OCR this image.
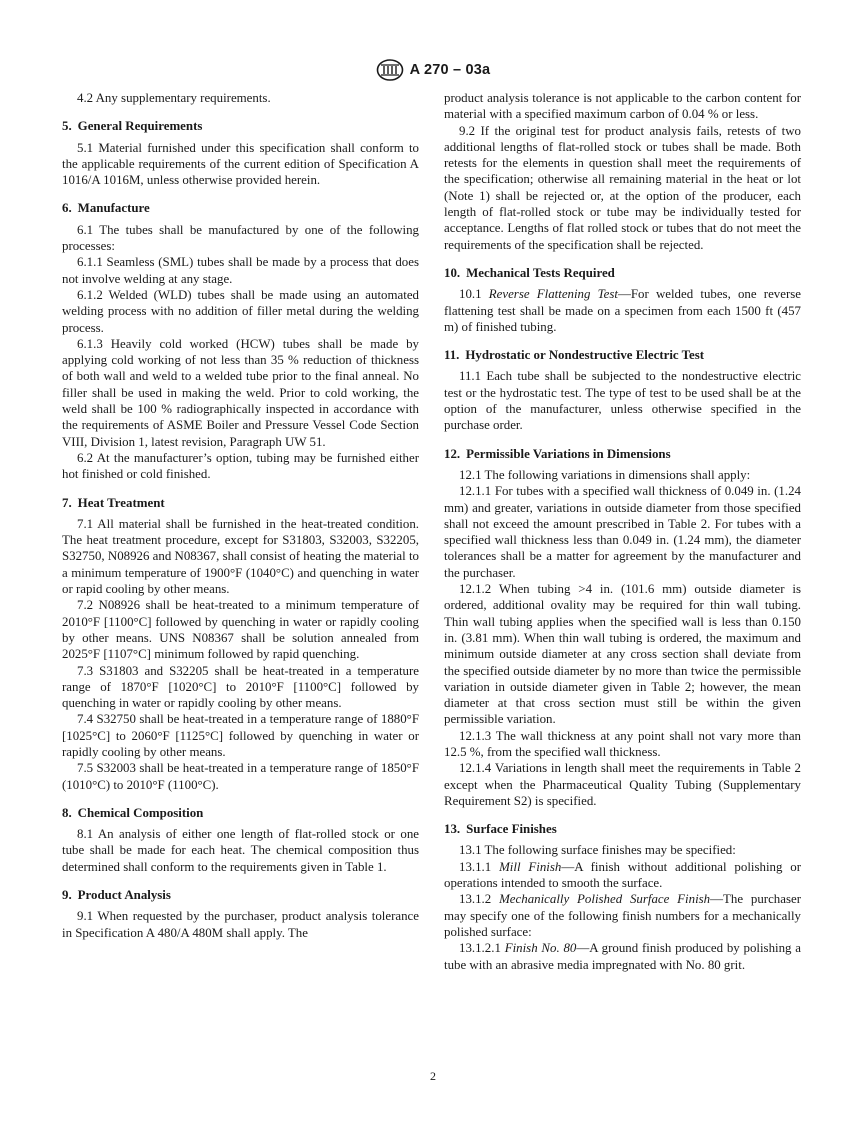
A 270 – 03a

4.2 Any supplementary requirements.

5. General Requirements

5.1 Material furnished under this specification shall conform to the applicable requirements of the current edition of Specification A 1016/A 1016M, unless otherwise provided herein.

6. Manufacture

6.1 The tubes shall be manufactured by one of the following processes:

6.1.1 Seamless (SML) tubes shall be made by a process that does not involve welding at any stage.

6.1.2 Welded (WLD) tubes shall be made using an automated welding process with no addition of filler metal during the welding process.

6.1.3 Heavily cold worked (HCW) tubes shall be made by applying cold working of not less than 35 % reduction of thickness of both wall and weld to a welded tube prior to the final anneal. No filler shall be used in making the weld. Prior to cold working, the weld shall be 100 % radiographically inspected in accordance with the requirements of ASME Boiler and Pressure Vessel Code Section VIII, Division 1, latest revision, Paragraph UW 51.

6.2 At the manufacturer’s option, tubing may be furnished either hot finished or cold finished.

7. Heat Treatment

7.1 All material shall be furnished in the heat-treated condition. The heat treatment procedure, except for S31803, S32003, S32205, S32750, N08926 and N08367, shall consist of heating the material to a minimum temperature of 1900°F (1040°C) and quenching in water or rapid cooling by other means.

7.2 N08926 shall be heat-treated to a minimum temperature of 2010°F [1100°C] followed by quenching in water or rapidly cooling by other means. UNS N08367 shall be solution annealed from 2025°F [1107°C] minimum followed by rapid quenching.

7.3 S31803 and S32205 shall be heat-treated in a temperature range of 1870°F [1020°C] to 2010°F [1100°C] followed by quenching in water or rapidly cooling by other means.

7.4 S32750 shall be heat-treated in a temperature range of 1880°F [1025°C] to 2060°F [1125°C] followed by quenching in water or rapidly cooling by other means.

7.5 S32003 shall be heat-treated in a temperature range of 1850°F (1010°C) to 2010°F (1100°C).

8. Chemical Composition

8.1 An analysis of either one length of flat-rolled stock or one tube shall be made for each heat. The chemical composition thus determined shall conform to the requirements given in Table 1.

9. Product Analysis

9.1 When requested by the purchaser, product analysis tolerance in Specification A 480/A 480M shall apply. The

product analysis tolerance is not applicable to the carbon content for material with a specified maximum carbon of 0.04 % or less.

9.2 If the original test for product analysis fails, retests of two additional lengths of flat-rolled stock or tubes shall be made. Both retests for the elements in question shall meet the requirements of the specification; otherwise all remaining material in the heat or lot (Note 1) shall be rejected or, at the option of the producer, each length of flat-rolled stock or tube may be individually tested for acceptance. Lengths of flat rolled stock or tubes that do not meet the requirements of the specification shall be rejected.

10. Mechanical Tests Required

10.1 Reverse Flattening Test—For welded tubes, one reverse flattening test shall be made on a specimen from each 1500 ft (457 m) of finished tubing.

11. Hydrostatic or Nondestructive Electric Test

11.1 Each tube shall be subjected to the nondestructive electric test or the hydrostatic test. The type of test to be used shall be at the option of the manufacturer, unless otherwise specified in the purchase order.

12. Permissible Variations in Dimensions

12.1 The following variations in dimensions shall apply:

12.1.1 For tubes with a specified wall thickness of 0.049 in. (1.24 mm) and greater, variations in outside diameter from those specified shall not exceed the amount prescribed in Table 2. For tubes with a specified wall thickness less than 0.049 in. (1.24 mm), the diameter tolerances shall be a matter for agreement by the manufacturer and the purchaser.

12.1.2 When tubing >4 in. (101.6 mm) outside diameter is ordered, additional ovality may be required for thin wall tubing. Thin wall tubing applies when the specified wall is less than 0.150 in. (3.81 mm). When thin wall tubing is ordered, the maximum and minimum outside diameter at any cross section shall deviate from the specified outside diameter by no more than twice the permissible variation in outside diameter given in Table 2; however, the mean diameter at that cross section must still be within the given permissible variation.

12.1.3 The wall thickness at any point shall not vary more than 12.5 %, from the specified wall thickness.

12.1.4 Variations in length shall meet the requirements in Table 2 except when the Pharmaceutical Quality Tubing (Supplementary Requirement S2) is specified.

13. Surface Finishes

13.1 The following surface finishes may be specified:

13.1.1 Mill Finish—A finish without additional polishing or operations intended to smooth the surface.

13.1.2 Mechanically Polished Surface Finish—The purchaser may specify one of the following finish numbers for a mechanically polished surface:

13.1.2.1 Finish No. 80—A ground finish produced by polishing a tube with an abrasive media impregnated with No. 80 grit.

2
